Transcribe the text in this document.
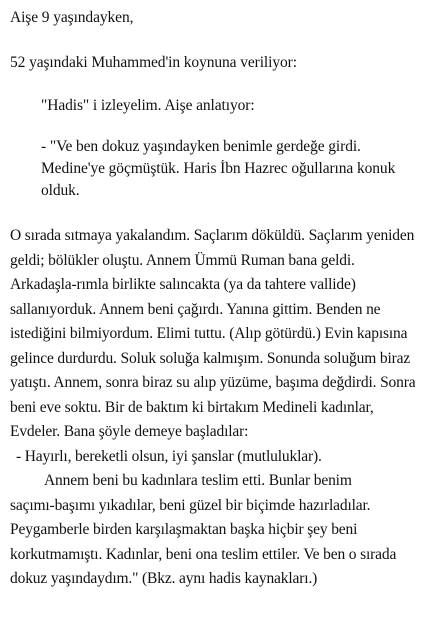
Aişe 9 yaşındayken,
52 yaşındaki Muhammed'in koynuna veriliyor:
"Hadis" i izleyelim. Aişe anlatıyor:
- "Ve ben dokuz yaşındayken benimle gerdeğe girdi.
Medine'ye göçmüştük. Haris İbn Hazrec oğullarına konuk
olduk.
O sırada sıtmaya yakalandım. Saçlarım döküldü. Saçlarım yeniden
geldi; bölükler oluştu. Annem Ümmü Ruman bana geldi.
Arkadaşla-rımla birlikte salıncakta (ya da tahtere vallide)
sallanıyorduk. Annem beni çağırdı. Yanına gittim. Benden ne
istediğini bilmiyordum. Elimi tuttu. (Alıp götürdü.) Evin kapısına
gelince durdurdu. Soluk soluğa kalmışım. Sonunda soluğum biraz
yatıştı. Annem, sonra biraz su alıp yüzüme, başıma değdirdi. Sonra
beni eve soktu. Bir de baktım ki birtakım Medineli kadınlar,
Evdeler. Bana şöyle demeye başladılar:
- Hayırlı, bereketli olsun, iyi şanslar (mutluluklar).
Annem beni bu kadınlara teslim etti. Bunlar benim
saçımı-başımı yıkadılar, beni güzel bir biçimde hazırladılar.
Peygamberle birden karşılaşmaktan başka hiçbir şey beni
korkutmamıştı. Kadınlar, beni ona teslim ettiler. Ve ben o sırada
dokuz yaşındaydım." (Bkz. aynı hadis kaynakları.)
